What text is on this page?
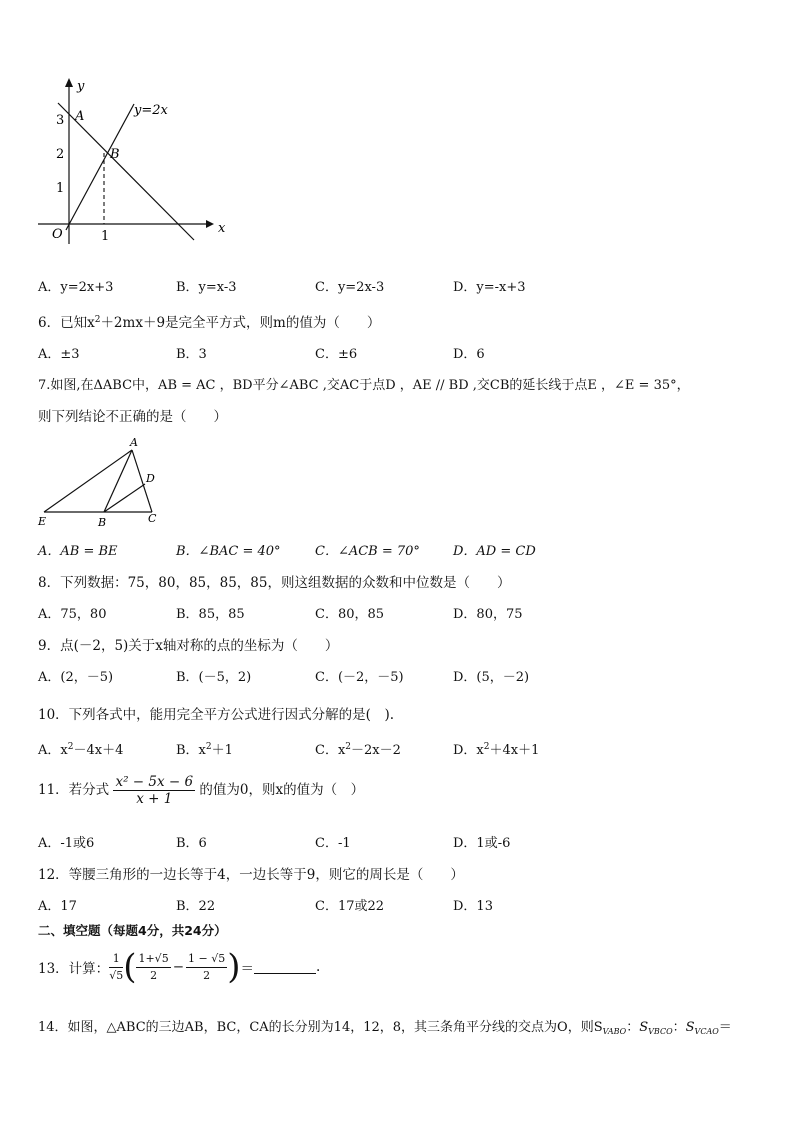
3
2
1
1
O
y
x
A
B
y=2x
A．y=2x+3	B．y=x-3	C．y=2x-3	D．y=-x+3
6．已知$x^2+2mx+9$是完全平方式，则m的值为（　　）
A．±3	B．3	C．±6	D．6
7.如图,在ΔABC中，AB = AC ，BD平分∠ABC ,交AC于点D ，AE // BD ,交CB的延长线于点E ，∠E = 35°，
则下列结论不正确的是（　　）
A
D
E	B	C
A．AB = BE	B．∠BAC = 40°	C．∠ACB = 70°	D．AD = CD
8．下列数据：75，80，85，85，85，则这组数据的众数和中位数是（　　）
A．75，80	B．85，85	C．80，85	D．80，75
9．点(－2，5)关于x轴对称的点的坐标为（　　）
A．(2，－5)	B．(－5，2)	C．(－2，－5)	D．(5，－2)
10．下列各式中，能用完全平方公式进行因式分解的是(　).
A．$x^2-4x+4$	B．$x^2+1$	C．$x^2-2x-2$	D．$x^2+4x+1$
11．若分式 $\frac{\text{x² − 5x − 6}}{x + 1}$ 的值为0，则x的值为（　）
A．-1或6	B．6	C．-1	D．1或-6
12．等腰三角形的一边长等于4，一边长等于9，则它的周长是（　　）
A．17	B．22	C．17或22	D．13
二、填空题（每题4分，共24分）
13．计算： $\frac{1}{√5}$ ( $\frac{1+√5}{2} - \frac{1 - √5}{2}$ ) ＝	.
14．如图，△ABC的三边AB，BC，CA的长分别为14，12，8，其三条角平分线的交点为O，则$S_{VABO}$：$S_{VBCO}$：$S_{VCAO}=$
